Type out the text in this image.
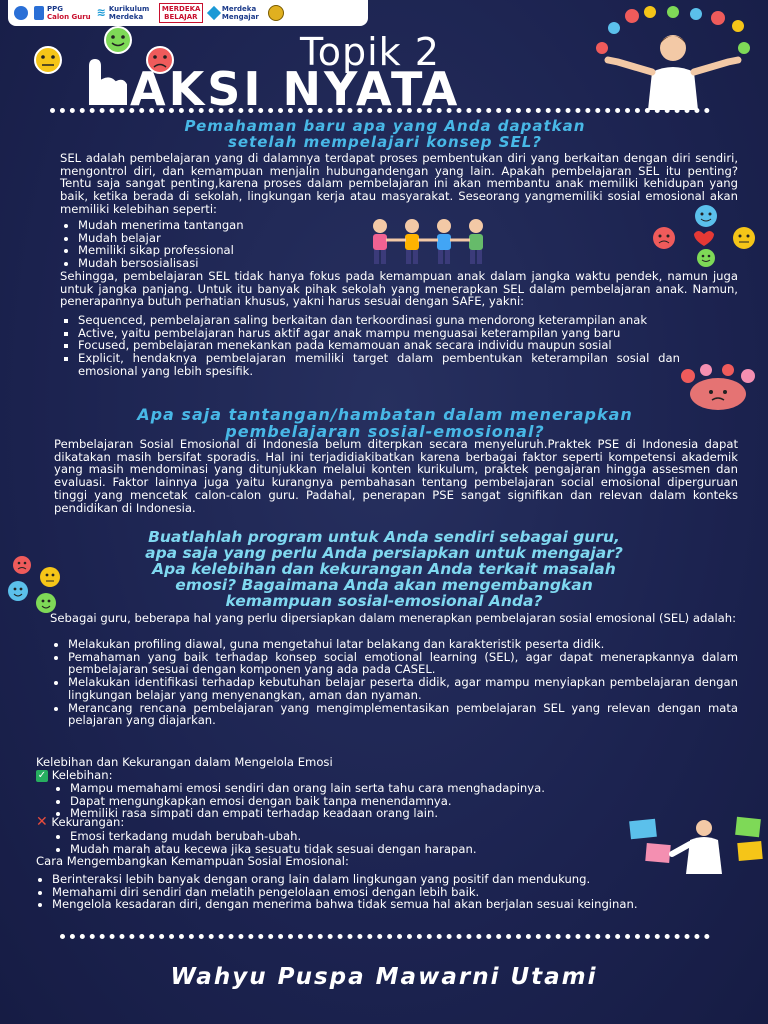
PPG
Calon Guru ≋ Kurikulum Merdeka
MERDEKA BELAJAR
Merdeka Mengajar
Topik 2
AKSI NYATA
Pemahaman baru apa yang Anda dapatkan
setelah mempelajari konsep SEL?
SEL adalah pembelajaran yang di dalamnya terdapat proses pembentukan diri yang berkaitan dengan diri sendiri, mengontrol diri, dan kemampuan menjalin hubungandengan yang lain. Apakah pembelajaran SEL itu penting? Tentu saja sangat penting,karena proses dalam pembelajaran ini akan membantu anak memiliki kehidupan yang baik, ketika berada di sekolah, lingkungan kerja atau masyarakat. Seseorang yangmemiliki sosial emosional akan memiliki kelebihan seperti:
• Mudah menerima tantangan
• Mudah belajar
• Memiliki sikap professional
• Mudah bersosialisasi
Sehingga, pembelajaran SEL tidak hanya fokus pada kemampuan anak dalam jangka waktu pendek, namun juga untuk jangka panjang. Untuk itu banyak pihak sekolah yang menerapkan SEL dalam pembelajaran anak. Namun, penerapannya butuh perhatian khusus, yakni harus sesuai dengan SAFE, yakni:
▪ Sequenced, pembelajaran saling berkaitan dan terkoordinasi guna mendorong keterampilan anak
▪ Active, yaitu pembelajaran harus aktif agar anak mampu menguasai keterampilan yang baru
▪ Focused, pembelajaran menekankan pada kemamouan anak secara individu maupun sosial
▪ Explicit, hendaknya pembelajaran memiliki target dalam pembentukan keterampilan sosial dan emosional yang lebih spesifik.
Apa saja tantangan/hambatan dalam menerapkan
pembelajaran sosial-emosional?
Pembelajaran Sosial Emosional di Indonesia belum diterpkan secara menyeluruh.Praktek PSE di Indonesia dapat dikatakan masih bersifat sporadis. Hal ini terjadidiakibatkan karena berbagai faktor seperti kompetensi akademik yang masih mendominasi yang ditunjukkan melalui konten kurikulum, praktek pengajaran hingga assesmen dan evaluasi. Faktor lainnya juga yaitu kurangnya pembahasan tentang pembelajaran social emosional diperguruan tinggi yang mencetak calon-calon guru. Padahal, penerapan PSE sangat signifikan dan relevan dalam konteks pendidikan di Indonesia.
Buatlahlah program untuk Anda sendiri sebagai guru,
apa saja yang perlu Anda persiapkan untuk mengajar?
Apa kelebihan dan kekurangan Anda terkait masalah
emosi? Bagaimana Anda akan mengembangkan
kemampuan sosial-emosional Anda?
Sebagai guru, beberapa hal yang perlu dipersiapkan dalam menerapkan pembelajaran sosial emosional (SEL) adalah:
• Melakukan profiling diawal, guna mengetahui latar belakang dan karakteristik peserta didik.
• Pemahaman yang baik terhadap konsep social emotional learning (SEL), agar dapat menerapkannya dalam pembelajaran sesuai dengan komponen yang ada pada CASEL.
• Melakukan identifikasi terhadap kebutuhan belajar peserta didik, agar mampu menyiapkan pembelajaran dengan lingkungan belajar yang menyenangkan, aman dan nyaman.
• Merancang rencana pembelajaran yang mengimplementasikan pembelajaran SEL yang relevan dengan mata pelajaran yang diajarkan.
Kelebihan dan Kekurangan dalam Mengelola Emosi
✓ Kelebihan:
• Mampu memahami emosi sendiri dan orang lain serta tahu cara menghadapinya.
• Dapat mengungkapkan emosi dengan baik tanpa menendamnya.
• Memiliki rasa simpati dan empati terhadap keadaan orang lain.
✕ Kekurangan:
• Emosi terkadang mudah berubah-ubah.
• Mudah marah atau kecewa jika sesuatu tidak sesuai dengan harapan.
Cara Mengembangkan Kemampuan Sosial Emosional:
• Berinteraksi lebih banyak dengan orang lain dalam lingkungan yang positif dan mendukung.
• Memahami diri sendiri dan melatih pengelolaan emosi dengan lebih baik.
• Mengelola kesadaran diri, dengan menerima bahwa tidak semua hal akan berjalan sesuai keinginan.
Wahyu Puspa Mawarni Utami
